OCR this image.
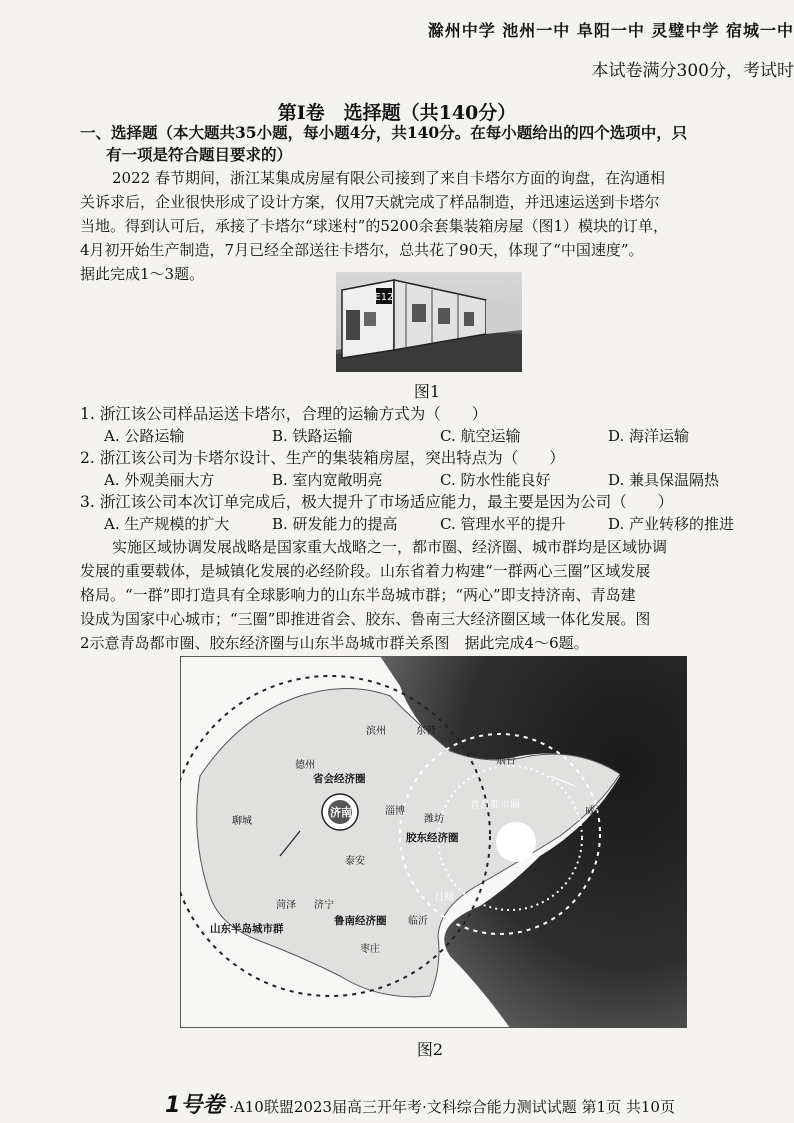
滁州中学 池州一中 阜阳一中 灵璧中学 宿城一中
本试卷满分300分，考试时
第Ⅰ卷　选择题（共140分）
一、选择题（本大题共35小题，每小题4分，共140分。在每小题给出的四个选项中，只
有一项是符合题目要求的）
2022 春节期间，浙江某集成房屋有限公司接到了来自卡塔尔方面的询盘，在沟通相
关诉求后，企业很快形成了设计方案，仅用7天就完成了样品制造，并迅速运送到卡塔尔
当地。得到认可后，承接了卡塔尔“球迷村”的5200余套集装箱房屋（图1）模块的订单，
4月初开始生产制造，7月已经全部送往卡塔尔，总共花了90天，体现了“中国速度”。
据此完成1～3题。
E12
图1
1. 浙江该公司样品运送卡塔尔，合理的运输方式为（　　）
A. 公路运输	B. 铁路运输	C. 航空运输	D. 海洋运输
2. 浙江该公司为卡塔尔设计、生产的集装箱房屋，突出特点为（　　）
A. 外观美丽大方	B. 室内宽敞明亮	C. 防水性能良好	D. 兼具保温隔热
3. 浙江该公司本次订单完成后，极大提升了市场适应能力，最主要是因为公司（　　）
A. 生产规模的扩大	B. 研发能力的提高	C. 管理水平的提升	D. 产业转移的推进
实施区域协调发展战略是国家重大战略之一，都市圈、经济圈、城市群均是区域协调
发展的重要载体，是城镇化发展的必经阶段。山东省着力构建“一群两心三圈”区域发展
格局。“一群”即打造具有全球影响力的山东半岛城市群；“两心”即支持济南、青岛建
设成为国家中心城市；“三圈”即推进省会、胶东、鲁南三大经济圈区域一体化发展。图
2示意青岛都市圈、胶东经济圈与山东半岛城市群关系图　据此完成4～6题。
滨州	东营
德州
省会经济圈
烟台
威海
聊城
济南	淄博
潍坊
青岛都市圈
胶东经济圈
泰安
菏泽 济宁
日照
临沂
鲁南经济圈
山东半岛城市群
枣庄
图2
1号卷 ·A10联盟2023届高三开年考·文科综合能力测试试题 第1页 共10页
